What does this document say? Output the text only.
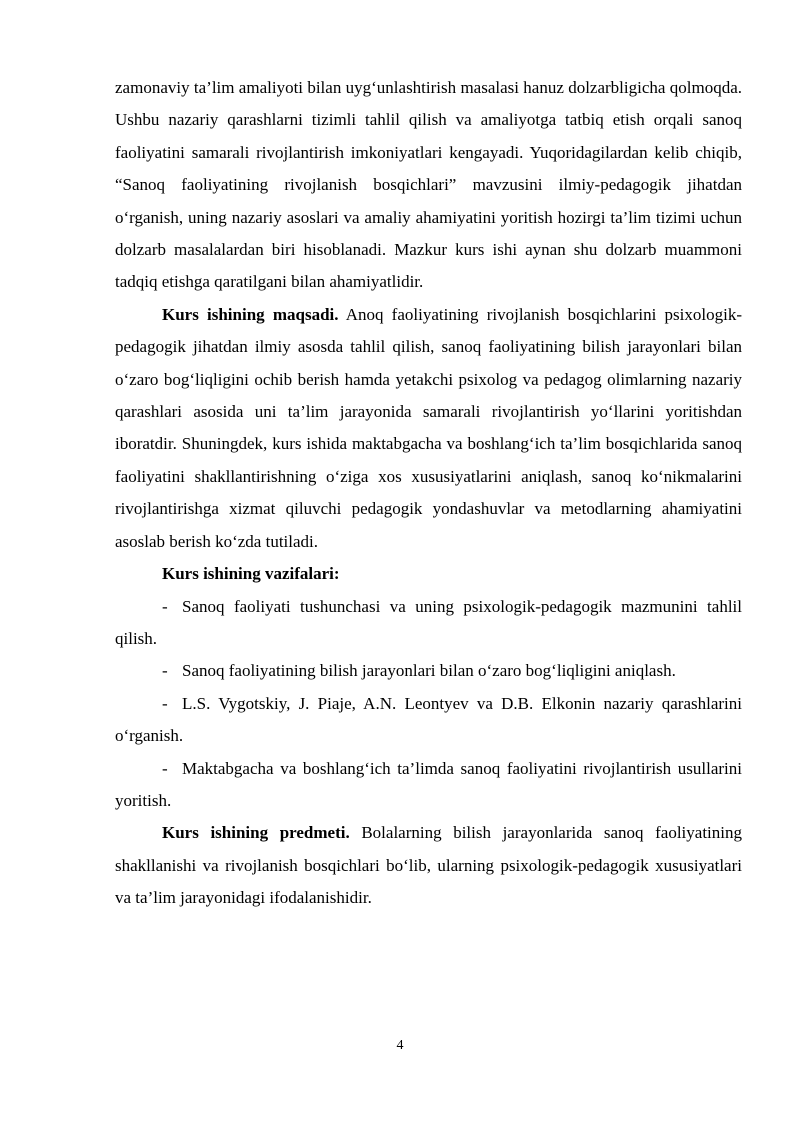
zamonaviy ta’lim amaliyoti bilan uyg‘unlashtirish masalasi hanuz dolzarbligicha qolmoqda. Ushbu nazariy qarashlarni tizimli tahlil qilish va amaliyotga tatbiq etish orqali sanoq faoliyatini samarali rivojlantirish imkoniyatlari kengayadi. Yuqoridagilardan kelib chiqib, “Sanoq faoliyatining rivojlanish bosqichlari” mavzusini ilmiy-pedagogik jihatdan o‘rganish, uning nazariy asoslari va amaliy ahamiyatini yoritish hozirgi ta’lim tizimi uchun dolzarb masalalardan biri hisoblanadi. Mazkur kurs ishi aynan shu dolzarb muammoni tadqiq etishga qaratilgani bilan ahamiyatlidir.

Kurs ishining maqsadi. Anoq faoliyatining rivojlanish bosqichlarini psixologik-pedagogik jihatdan ilmiy asosda tahlil qilish, sanoq faoliyatining bilish jarayonlari bilan o‘zaro bog‘liqligini ochib berish hamda yetakchi psixolog va pedagog olimlarning nazariy qarashlari asosida uni ta’lim jarayonida samarali rivojlantirish yo‘llarini yoritishdan iboratdir. Shuningdek, kurs ishida maktabgacha va boshlang‘ich ta’lim bosqichlarida sanoq faoliyatini shakllantirishning o‘ziga xos xususiyatlarini aniqlash, sanoq ko‘nikmalarini rivojlantirishga xizmat qiluvchi pedagogik yondashuvlar va metodlarning ahamiyatini asoslab berish ko‘zda tutiladi.

Kurs ishining vazifalari:

- Sanoq faoliyati tushunchasi va uning psixologik-pedagogik mazmunini tahlil qilish.

- Sanoq faoliyatining bilish jarayonlari bilan o‘zaro bog‘liqligini aniqlash.

- L.S. Vygotskiy, J. Piaje, A.N. Leontyev va D.B. Elkonin nazariy qarashlarini o‘rganish.

- Maktabgacha va boshlang‘ich ta’limda sanoq faoliyatini rivojlantirish usullarini yoritish.

Kurs ishining predmeti. Bolalarning bilish jarayonlarida sanoq faoliyatining shakllanishi va rivojlanish bosqichlari bo‘lib, ularning psixologik-pedagogik xususiyatlari va ta’lim jarayonidagi ifodalanishidir.

4
